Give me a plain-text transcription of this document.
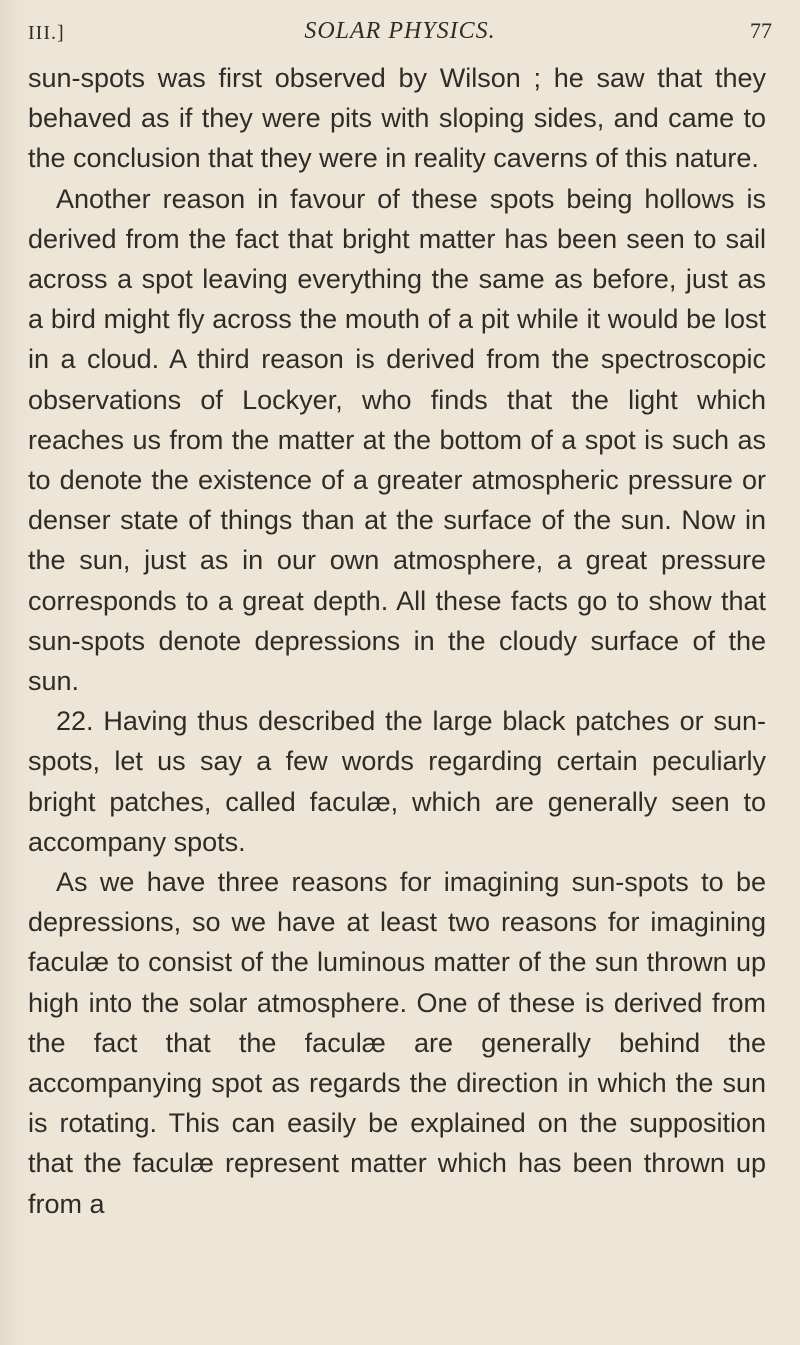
III.]	SOLAR PHYSICS.	77

sun-spots was first observed by Wilson ; he saw that they behaved as if they were pits with sloping sides, and came to the conclusion that they were in reality caverns of this nature.

Another reason in favour of these spots being hollows is derived from the fact that bright matter has been seen to sail across a spot leaving everything the same as before, just as a bird might fly across the mouth of a pit while it would be lost in a cloud. A third reason is derived from the spectroscopic observations of Lockyer, who finds that the light which reaches us from the matter at the bottom of a spot is such as to denote the existence of a greater atmospheric pressure or denser state of things than at the surface of the sun. Now in the sun, just as in our own atmosphere, a great pressure corresponds to a great depth. All these facts go to show that sun-spots denote depressions in the cloudy surface of the sun.

22. Having thus described the large black patches or sun-spots, let us say a few words regarding certain peculiarly bright patches, called faculæ, which are generally seen to accompany spots.

As we have three reasons for imagining sun-spots to be depressions, so we have at least two reasons for imagining faculæ to consist of the luminous matter of the sun thrown up high into the solar atmosphere. One of these is derived from the fact that the faculæ are generally behind the accompanying spot as regards the direction in which the sun is rotating. This can easily be explained on the supposition that the faculæ represent matter which has been thrown up from a
